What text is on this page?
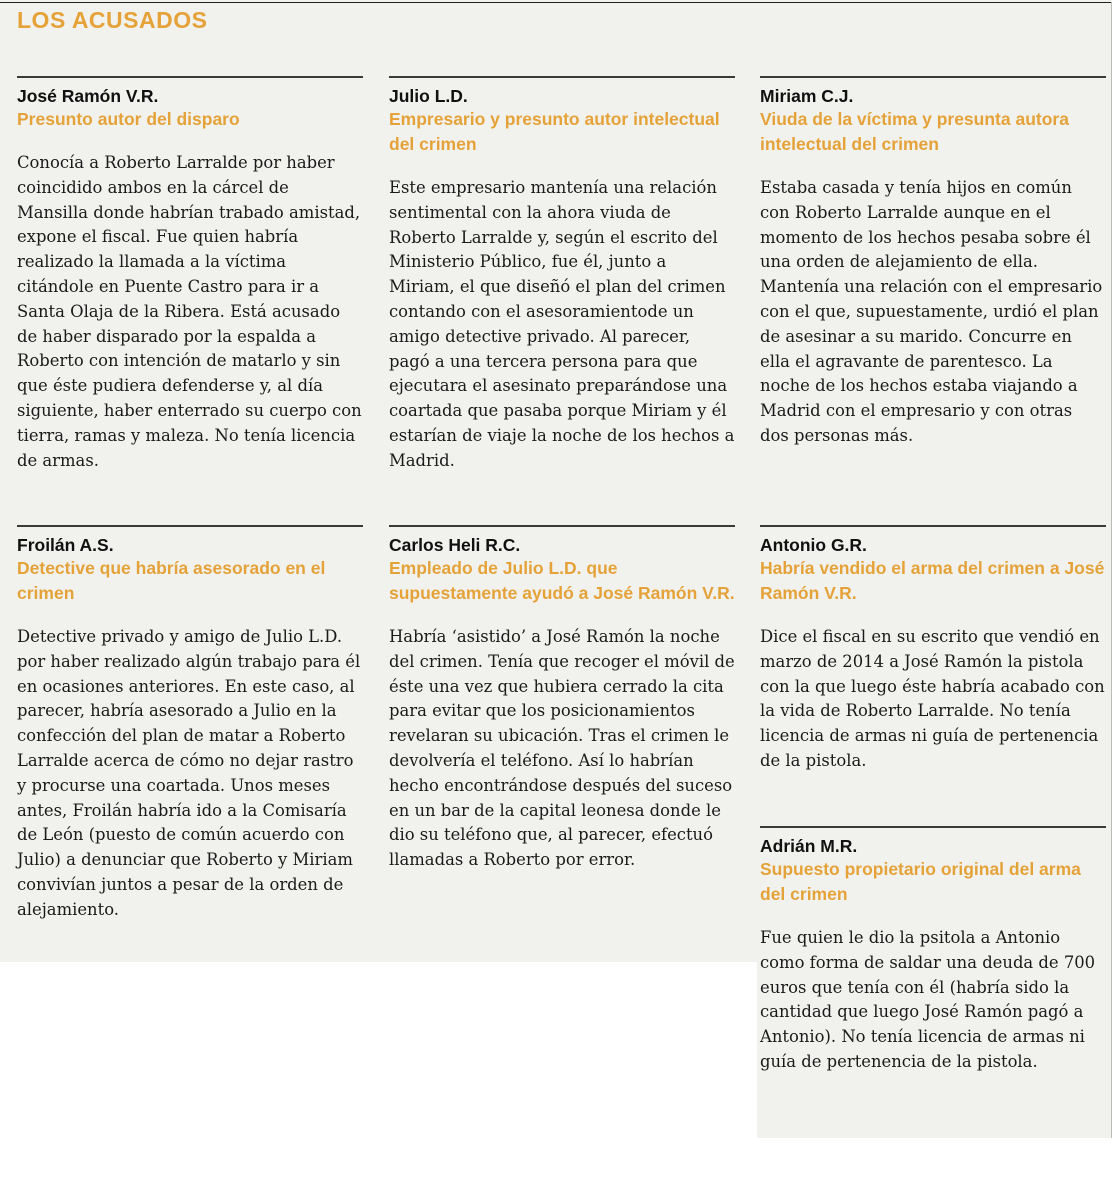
LOS ACUSADOS
José Ramón V.R.
Presunto autor del disparo
Conocía a Roberto Larralde por haber coincidido ambos en la cárcel de Mansilla donde habrían trabado amistad, expone el fiscal. Fue quien habría realizado la llamada a la víctima citándole en Puente Castro para ir a Santa Olaja de la Ribera. Está acusado de haber disparado por la espalda a Roberto con intención de matarlo y sin que éste pudiera defenderse y, al día siguiente, haber enterrado su cuerpo con tierra, ramas y maleza. No tenía licencia de armas.
Julio L.D.
Empresario y presunto autor intelectual del crimen
Este empresario mantenía una relación sentimental con la ahora viuda de Roberto Larralde y, según el escrito del Ministerio Público, fue él, junto a Miriam, el que diseñó el plan del crimen contando con el asesoramientode un amigo detective privado. Al parecer, pagó a una tercera persona para que ejecutara el asesinato preparándose una coartada que pasaba porque Miriam y él estarían de viaje la noche de los hechos a Madrid.
Miriam C.J.
Viuda de la víctima y presunta autora intelectual del crimen
Estaba casada y tenía hijos en común con Roberto Larralde aunque en el momento de los hechos pesaba sobre él una orden de alejamiento de ella. Mantenía una relación con el empresario con el que, supuestamente, urdió el plan de asesinar a su marido. Concurre en ella el agravante de parentesco. La noche de los hechos estaba viajando a Madrid con el empresario y con otras dos personas más.
Froilán A.S.
Detective que habría asesorado en el crimen
Detective privado y amigo de Julio L.D. por haber realizado algún trabajo para él en ocasiones anteriores. En este caso, al parecer, habría asesorado a Julio en la confección del plan de matar a Roberto Larralde acerca de cómo no dejar rastro y procurse una coartada. Unos meses antes, Froilán habría ido a la Comisaría de León (puesto de común acuerdo con Julio) a denunciar que Roberto y Miriam convivían juntos a pesar de la orden de alejamiento.
Carlos Heli R.C.
Empleado de Julio L.D. que supuestamente ayudó a José Ramón V.R.
Habría ‘asistido’ a José Ramón la noche del crimen. Tenía que recoger el móvil de éste una vez que hubiera cerrado la cita para evitar que los posicionamientos revelaran su ubicación. Tras el crimen le devolvería el teléfono. Así lo habrían hecho encontrándose después del suceso en un bar de la capital leonesa donde le dio su teléfono que, al parecer, efectuó llamadas a Roberto por error.
Antonio G.R.
Habría vendido el arma del crimen a José Ramón V.R.
Dice el fiscal en su escrito que vendió en marzo de 2014 a José Ramón la pistola con la que luego éste habría acabado con la vida de Roberto Larralde. No tenía licencia de armas ni guía de pertenencia de la pistola.
Adrián M.R.
Supuesto propietario original del arma del crimen
Fue quien le dio la psitola a Antonio como forma de saldar una deuda de 700 euros que tenía con él (habría sido la cantidad que luego José Ramón pagó a Antonio). No tenía licencia de armas ni guía de pertenencia de la pistola.
